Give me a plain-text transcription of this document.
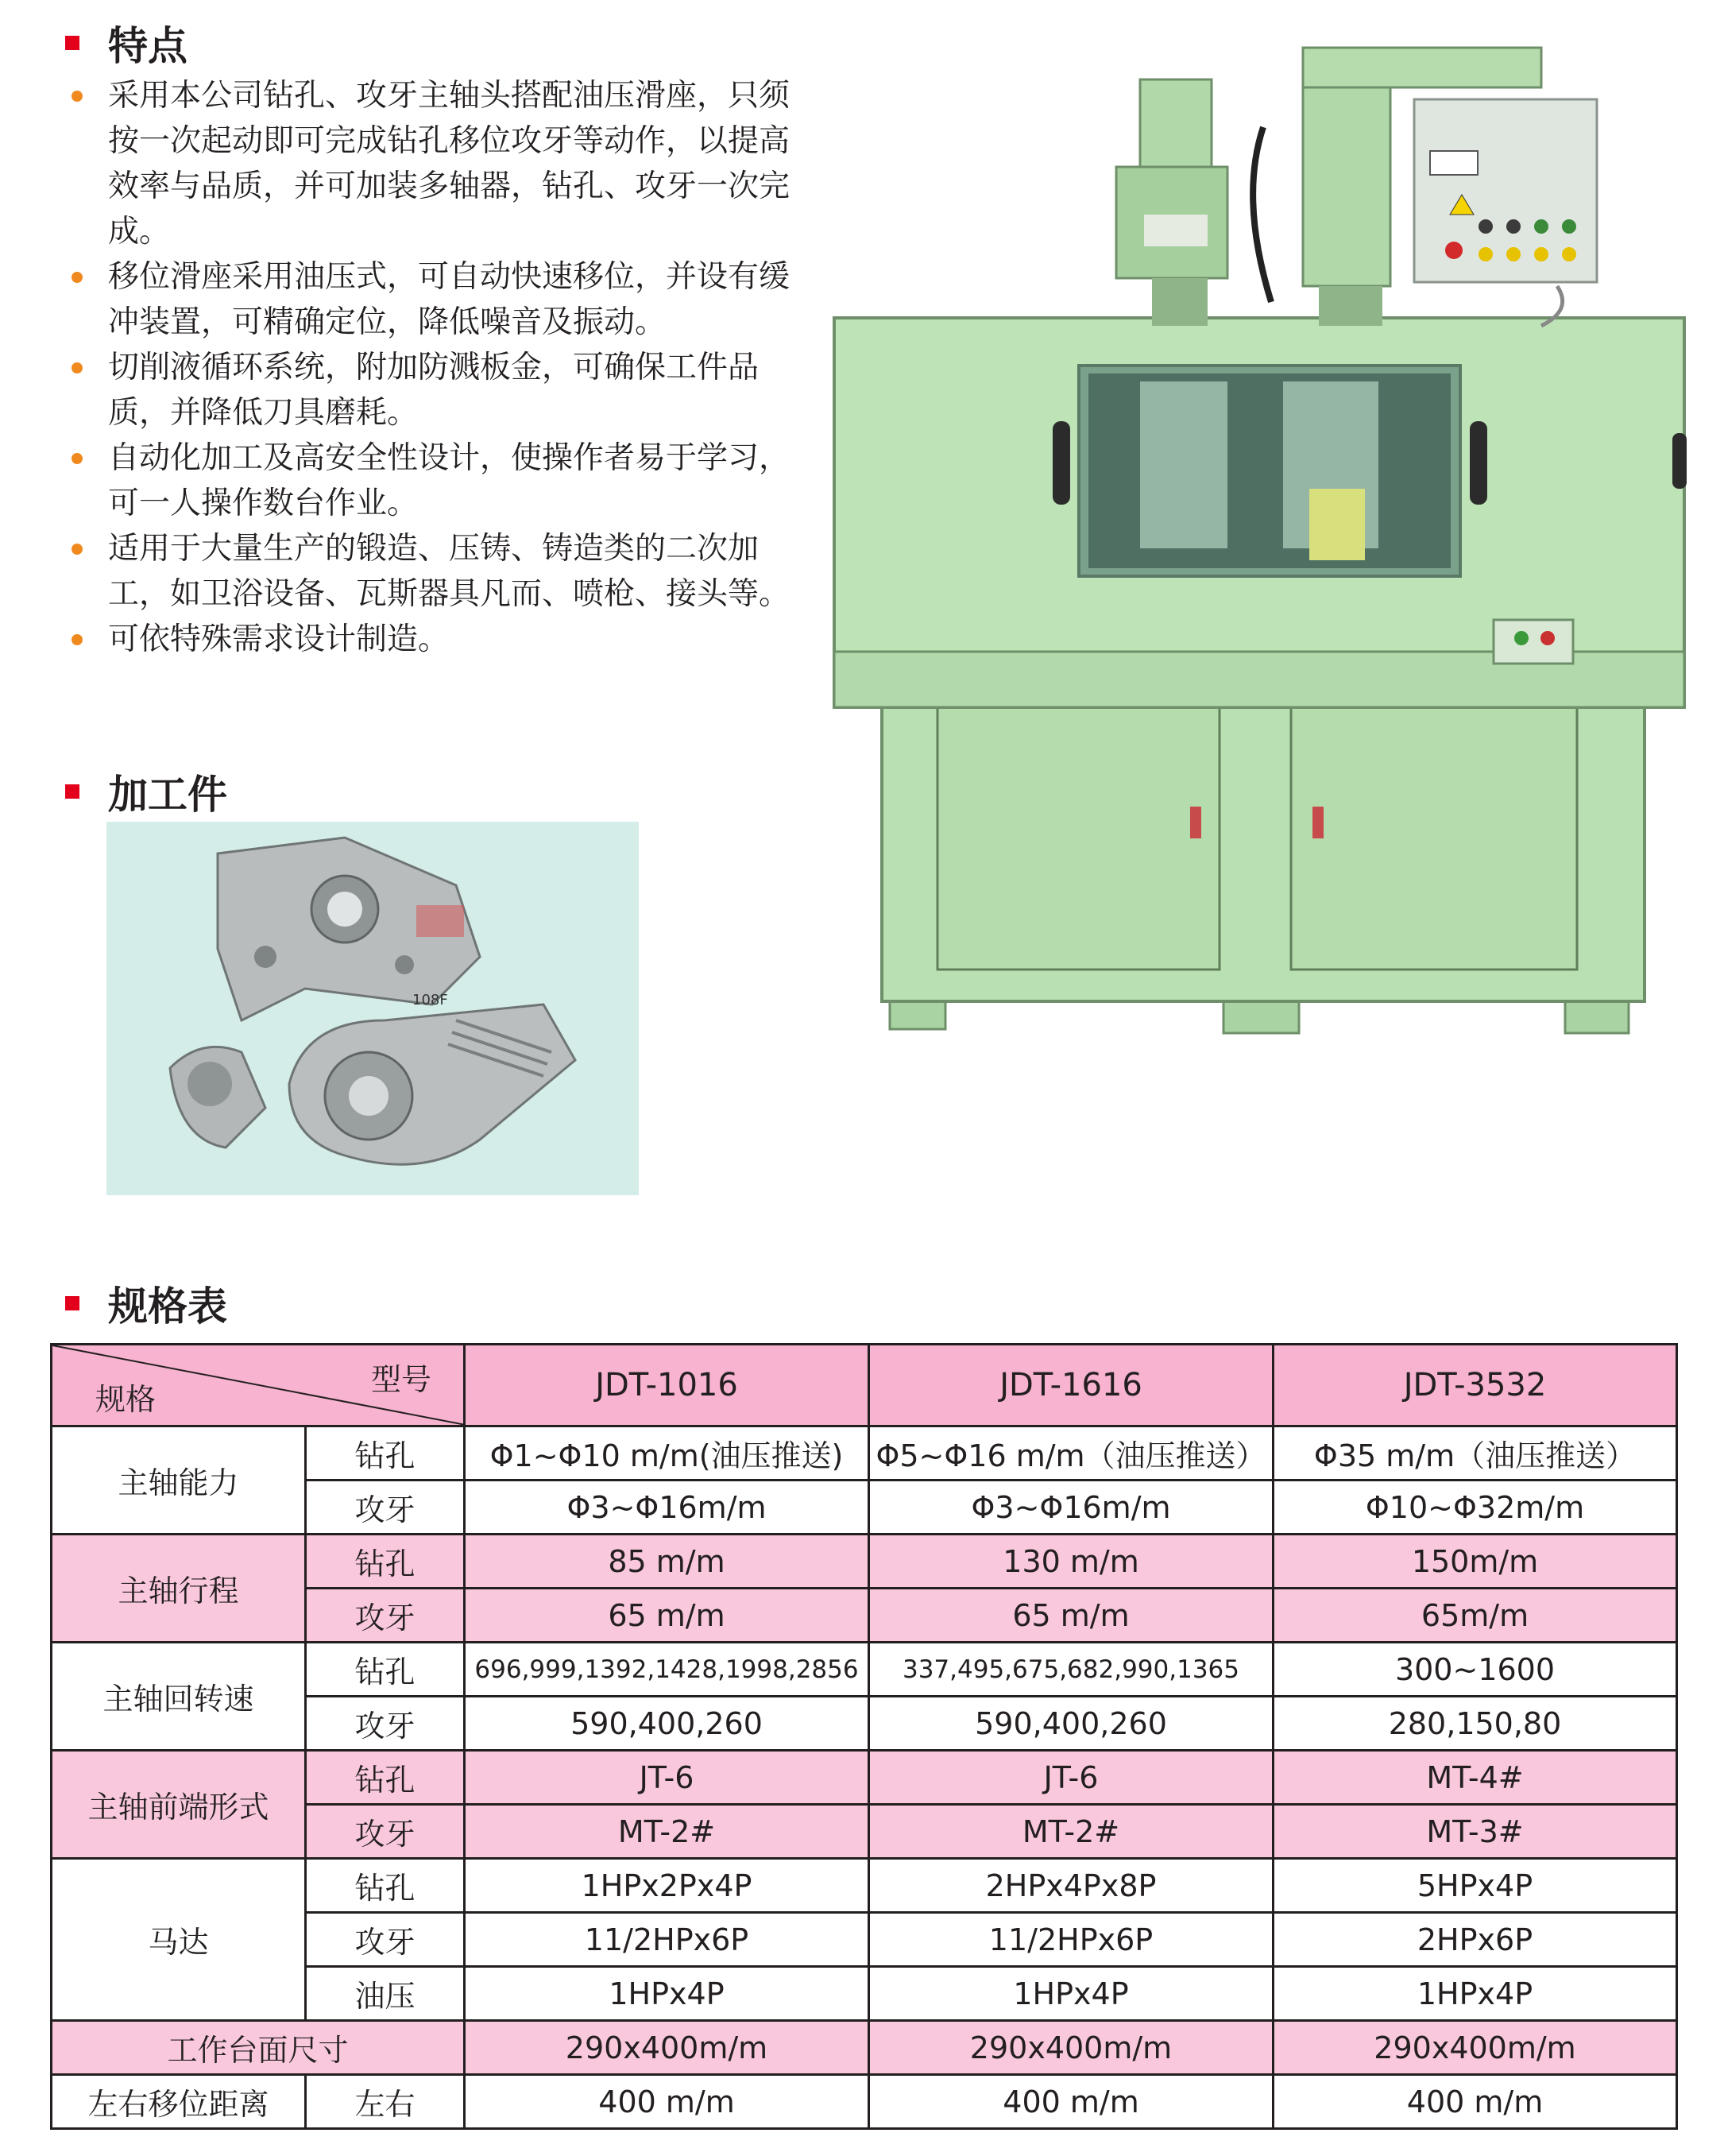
特点
采用本公司钻孔、攻牙主轴头搭配油压滑座，只须按一次起动即可完成钻孔移位攻牙等动作，以提高效率与品质，并可加装多轴器，钻孔、攻牙一次完成。
移位滑座采用油压式，可自动快速移位，并设有缓冲装置，可精确定位，降低噪音及振动。
切削液循环系统，附加防溅板金，可确保工件品质，并降低刀具磨耗。
自动化加工及高安全性设计，使操作者易于学习，可一人操作数台作业。
适用于大量生产的锻造、压铸、铸造类的二次加工，如卫浴设备、瓦斯器具凡而、喷枪、接头等。
可依特殊需求设计制造。
加工件
108F
规格表
型号
规格		JDT-1016	JDT-1616	JDT-3532
主轴能力	钻孔	Φ1~Φ10 m/m(油压推送)	Φ5~Φ16 m/m（油压推送）	Φ35 m/m（油压推送）
	攻牙	Φ3~Φ16m/m	Φ3~Φ16m/m	Φ10~Φ32m/m
主轴行程	钻孔	85 m/m	130 m/m	150m/m
	攻牙	65 m/m	65 m/m	65m/m
主轴回转速	钻孔	696,999,1392,1428,1998,2856	337,495,675,682,990,1365	300~1600
	攻牙	590,400,260	590,400,260	280,150,80
主轴前端形式	钻孔	JT-6	JT-6	MT-4#
	攻牙	MT-2#	MT-2#	MT-3#
马达	钻孔	1HPx2Px4P	2HPx4Px8P	5HPx4P
	攻牙	11/2HPx6P	11/2HPx6P	2HPx6P
	油压	1HPx4P	1HPx4P	1HPx4P
工作台面尺寸		290x400m/m	290x400m/m	290x400m/m
左右移位距离	左右	400 m/m	400 m/m	400 m/m
